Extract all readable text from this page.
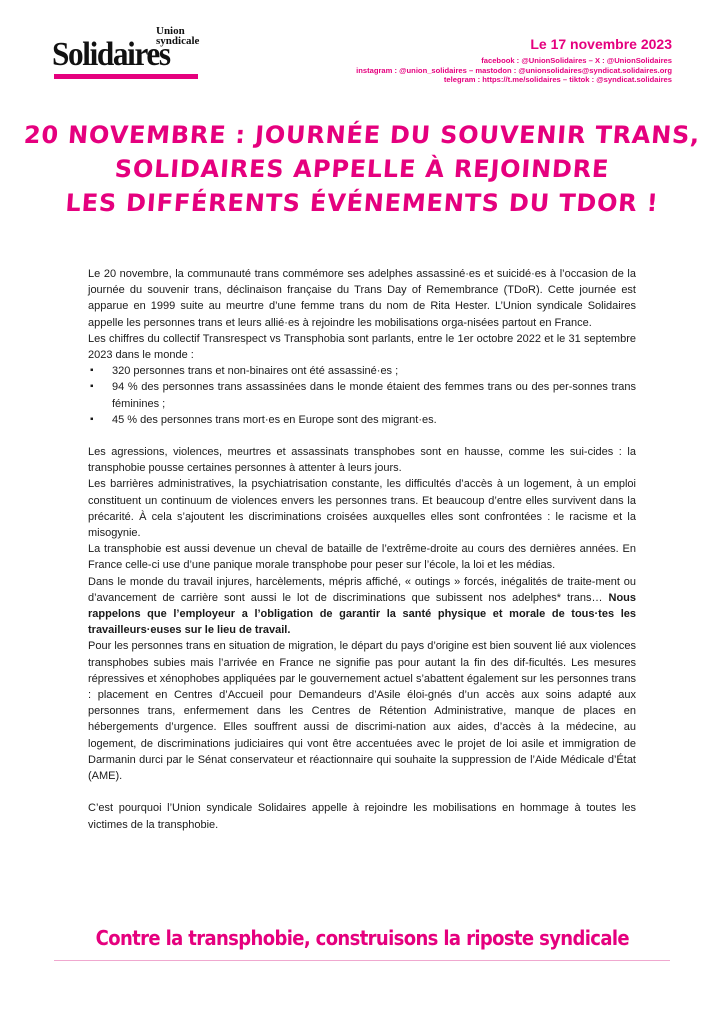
Union syndicale
Solidaires	Le 17 novembre 2023
facebook : @UnionSolidaires – X : @UnionSolidaires
instagram : @union_solidaires – mastodon : @unionsolidaires@syndicat.solidaires.org
telegram : https://t.me/solidaires – tiktok : @syndicat.solidaires
20 NOVEMBRE : JOURNÉE DU SOUVENIR TRANS,
SOLIDAIRES APPELLE À REJOINDRE
LES DIFFÉRENTS ÉVÉNEMENTS DU TDOR !

Le 20 novembre, la communauté trans commémore ses adelphes assassiné·es et suicidé·es à l’occasion de la journée du souvenir trans, déclinaison française du Trans Day of Remembrance (TDoR). Cette journée est apparue en 1999 suite au meurtre d’une femme trans du nom de Rita Hester. L’Union syndicale Solidaires appelle les personnes trans et leurs allié·es à rejoindre les mobilisations orga-nisées partout en France.

Les chiffres du collectif Transrespect vs Transphobia sont parlants, entre le 1er octobre 2022 et le 31 septembre 2023 dans le monde :

▪ 320 personnes trans et non-binaires ont été assassiné·es ;
▪ 94 % des personnes trans assassinées dans le monde étaient des femmes trans ou des per-sonnes trans féminines ;
▪ 45 % des personnes trans mort·es en Europe sont des migrant·es.

Les agressions, violences, meurtres et assassinats transphobes sont en hausse, comme les sui-cides : la transphobie pousse certaines personnes à attenter à leurs jours.

Les barrières administratives, la psychiatrisation constante, les difficultés d’accès à un logement, à un emploi constituent un continuum de violences envers les personnes trans. Et beaucoup d’entre elles survivent dans la précarité. À cela s’ajoutent les discriminations croisées auxquelles elles sont confrontées : le racisme et la misogynie.

La transphobie est aussi devenue un cheval de bataille de l’extrême-droite au cours des dernières années. En France celle-ci use d’une panique morale transphobe pour peser sur l’école, la loi et les médias.

Dans le monde du travail injures, harcèlements, mépris affiché, « outings » forcés, inégalités de traite-ment ou d’avancement de carrière sont aussi le lot de discriminations que subissent nos adelphes* trans… Nous rappelons que l’employeur a l’obligation de garantir la santé physique et morale de tous·tes les travailleurs·euses sur le lieu de travail.

Pour les personnes trans en situation de migration, le départ du pays d’origine est bien souvent lié aux violences transphobes subies mais l’arrivée en France ne signifie pas pour autant la fin des dif-ficultés. Les mesures répressives et xénophobes appliquées par le gouvernement actuel s’abattent également sur les personnes trans : placement en Centres d’Accueil pour Demandeurs d’Asile éloi-gnés d’un accès aux soins adapté aux personnes trans, enfermement dans les Centres de Rétention Administrative, manque de places en hébergements d’urgence. Elles souffrent aussi de discrimi-nation aux aides, d’accès à la médecine, au logement, de discriminations judiciaires qui vont être accentuées avec le projet de loi asile et immigration de Darmanin durci par le Sénat conservateur et réactionnaire qui souhaite la suppression de l’Aide Médicale d’État (AME).

C’est pourquoi l’Union syndicale Solidaires appelle à rejoindre les mobilisations en hommage à toutes les victimes de la transphobie.

Contre la transphobie, construisons la riposte syndicale
